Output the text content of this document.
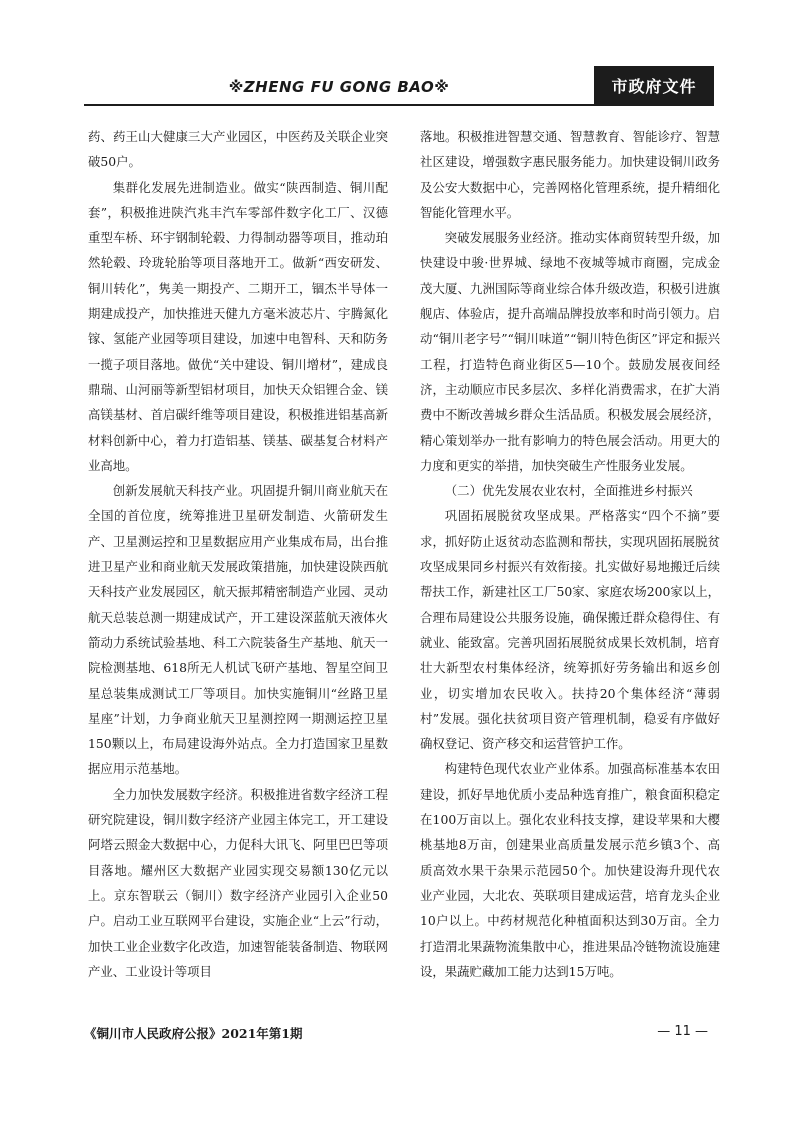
※ZHENG FU GONG BAO※	市政府文件

药、药王山大健康三大产业园区，中医药及关联企业突破50户。

集群化发展先进制造业。做实“陕西制造、铜川配套”，积极推进陕汽兆丰汽车零部件数字化工厂、汉德重型车桥、环宇钢制轮毂、力得制动器等项目，推动珀然轮毂、玲珑轮胎等项目落地开工。做新“西安研发、铜川转化”，隽美一期投产、二期开工，锢杰半导体一期建成投产，加快推进天健九方毫米波芯片、宇腾氮化镓、氢能产业园等项目建设，加速中电智科、天和防务一揽子项目落地。做优“关中建设、铜川增材”，建成良鼎瑞、山河丽等新型铝材项目，加快天众铝锂合金、镁高镁基材、首启碳纤维等项目建设，积极推进铝基高新材料创新中心，着力打造铝基、镁基、碳基复合材料产业高地。

创新发展航天科技产业。巩固提升铜川商业航天在全国的首位度，统筹推进卫星研发制造、火箭研发生产、卫星测运控和卫星数据应用产业集成布局，出台推进卫星产业和商业航天发展政策措施，加快建设陕西航天科技产业发展园区，航天振邦精密制造产业园、灵动航天总装总测一期建成试产，开工建设深蓝航天液体火箭动力系统试验基地、科工六院装备生产基地、航天一院检测基地、618所无人机试飞研产基地、智星空间卫星总装集成测试工厂等项目。加快实施铜川“丝路卫星星座”计划，力争商业航天卫星测控网一期测运控卫星150颗以上，布局建设海外站点。全力打造国家卫星数据应用示范基地。

全力加快发展数字经济。积极推进省数字经济工程研究院建设，铜川数字经济产业园主体完工，开工建设阿塔云照金大数据中心，力促科大讯飞、阿里巴巴等项目落地。耀州区大数据产业园实现交易额130亿元以上。京东智联云（铜川）数字经济产业园引入企业50户。启动工业互联网平台建设，实施企业“上云”行动，加快工业企业数字化改造，加速智能装备制造、物联网产业、工业设计等项目

落地。积极推进智慧交通、智慧教育、智能诊疗、智慧社区建设，增强数字惠民服务能力。加快建设铜川政务及公安大数据中心，完善网格化管理系统，提升精细化智能化管理水平。

突破发展服务业经济。推动实体商贸转型升级，加快建设中骏·世界城、绿地不夜城等城市商圈，完成金茂大厦、九洲国际等商业综合体升级改造，积极引进旗舰店、体验店，提升高端品牌投放率和时尚引领力。启动“铜川老字号”“铜川味道”“铜川特色街区”评定和振兴工程，打造特色商业街区5—10个。鼓励发展夜间经济，主动顺应市民多层次、多样化消费需求，在扩大消费中不断改善城乡群众生活品质。积极发展会展经济，精心策划举办一批有影响力的特色展会活动。用更大的力度和更实的举措，加快突破生产性服务业发展。

（二）优先发展农业农村，全面推进乡村振兴

巩固拓展脱贫攻坚成果。严格落实“四个不摘”要求，抓好防止返贫动态监测和帮扶，实现巩固拓展脱贫攻坚成果同乡村振兴有效衔接。扎实做好易地搬迁后续帮扶工作，新建社区工厂50家、家庭农场200家以上，合理布局建设公共服务设施，确保搬迁群众稳得住、有就业、能致富。完善巩固拓展脱贫成果长效机制，培育壮大新型农村集体经济，统筹抓好劳务输出和返乡创业，切实增加农民收入。扶持20个集体经济“薄弱村”发展。强化扶贫项目资产管理机制，稳妥有序做好确权登记、资产移交和运营管护工作。

构建特色现代农业产业体系。加强高标准基本农田建设，抓好旱地优质小麦品种选育推广，粮食面积稳定在100万亩以上。强化农业科技支撑，建设苹果和大樱桃基地8万亩，创建果业高质量发展示范乡镇3个、高质高效水果干杂果示范园50个。加快建设海升现代农业产业园，大北农、英联项目建成运营，培育龙头企业10户以上。中药材规范化种植面积达到30万亩。全力打造渭北果蔬物流集散中心，推进果品冷链物流设施建设，果蔬贮藏加工能力达到15万吨。

《铜川市人民政府公报》2021年第1期	— 11 —
